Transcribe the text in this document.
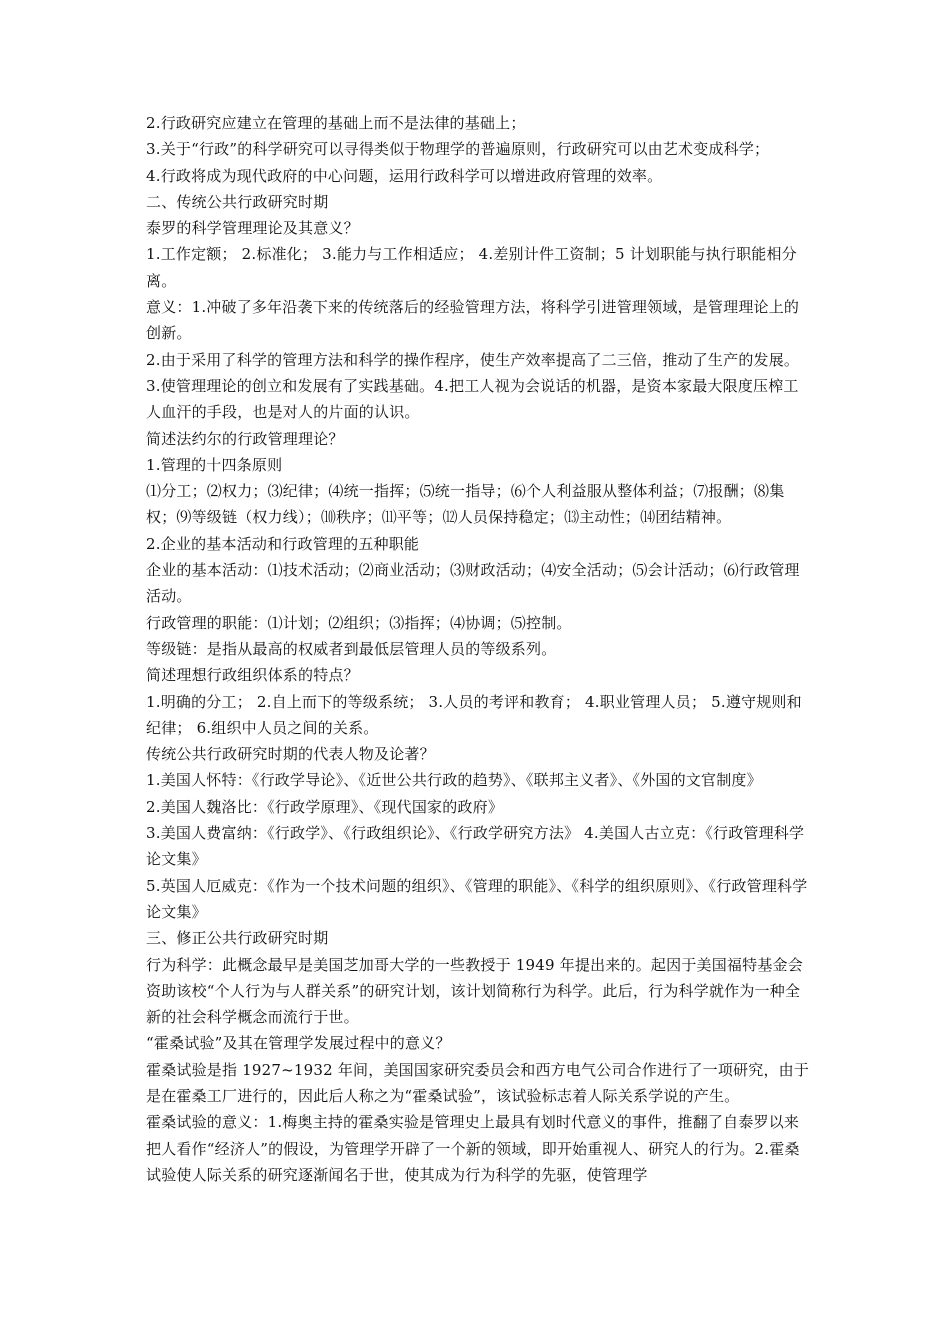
2.行政研究应建立在管理的基础上而不是法律的基础上；

3.关于“行政”的科学研究可以寻得类似于物理学的普遍原则，行政研究可以由艺术变成科学；

4.行政将成为现代政府的中心问题，运用行政科学可以增进政府管理的效率。

二、传统公共行政研究时期

泰罗的科学管理理论及其意义？

1.工作定额； 2.标准化； 3.能力与工作相适应； 4.差别计件工资制；5 计划职能与执行职能相分离。

意义：1.冲破了多年沿袭下来的传统落后的经验管理方法，将科学引进管理领域，是管理理论上的创新。

2.由于采用了科学的管理方法和科学的操作程序，使生产效率提高了二三倍，推动了生产的发展。

3.使管理理论的创立和发展有了实践基础。4.把工人视为会说话的机器，是资本家最大限度压榨工人血汗的手段，也是对人的片面的认识。

简述法约尔的行政管理理论？

1.管理的十四条原则

⑴分工；⑵权力；⑶纪律；⑷统一指挥；⑸统一指导；⑹个人利益服从整体利益；⑺报酬；⑻集权；⑼等级链（权力线）；⑽秩序；⑾平等；⑿人员保持稳定；⒀主动性；⒁团结精神。

2.企业的基本活动和行政管理的五种职能

企业的基本活动：⑴技术活动；⑵商业活动；⑶财政活动；⑷安全活动；⑸会计活动；⑹行政管理活动。

行政管理的职能：⑴计划；⑵组织；⑶指挥；⑷协调；⑸控制。

等级链：是指从最高的权威者到最低层管理人员的等级系列。

简述理想行政组织体系的特点？

1.明确的分工； 2.自上而下的等级系统； 3.人员的考评和教育； 4.职业管理人员； 5.遵守规则和纪律； 6.组织中人员之间的关系。

传统公共行政研究时期的代表人物及论著？

1.美国人怀特：《行政学导论》、《近世公共行政的趋势》、《联邦主义者》、《外国的文官制度》

2.美国人魏洛比：《行政学原理》、《现代国家的政府》

3.美国人费富纳：《行政学》、《行政组织论》、《行政学研究方法》 4.美国人古立克：《行政管理科学论文集》

5.英国人厄威克：《作为一个技术问题的组织》、《管理的职能》、《科学的组织原则》、《行政管理科学论文集》

三、修正公共行政研究时期

行为科学：此概念最早是美国芝加哥大学的一些教授于 1949 年提出来的。起因于美国福特基金会资助该校“个人行为与人群关系”的研究计划，该计划简称行为科学。此后，行为科学就作为一种全新的社会科学概念而流行于世。

“霍桑试验”及其在管理学发展过程中的意义？

霍桑试验是指 1927~1932 年间，美国国家研究委员会和西方电气公司合作进行了一项研究，由于是在霍桑工厂进行的，因此后人称之为“霍桑试验”，该试验标志着人际关系学说的产生。

霍桑试验的意义：1.梅奥主持的霍桑实验是管理史上最具有划时代意义的事件，推翻了自泰罗以来把人看作“经济人”的假设，为管理学开辟了一个新的领域，即开始重视人、研究人的行为。2.霍桑试验使人际关系的研究逐渐闻名于世，使其成为行为科学的先驱，使管理学
